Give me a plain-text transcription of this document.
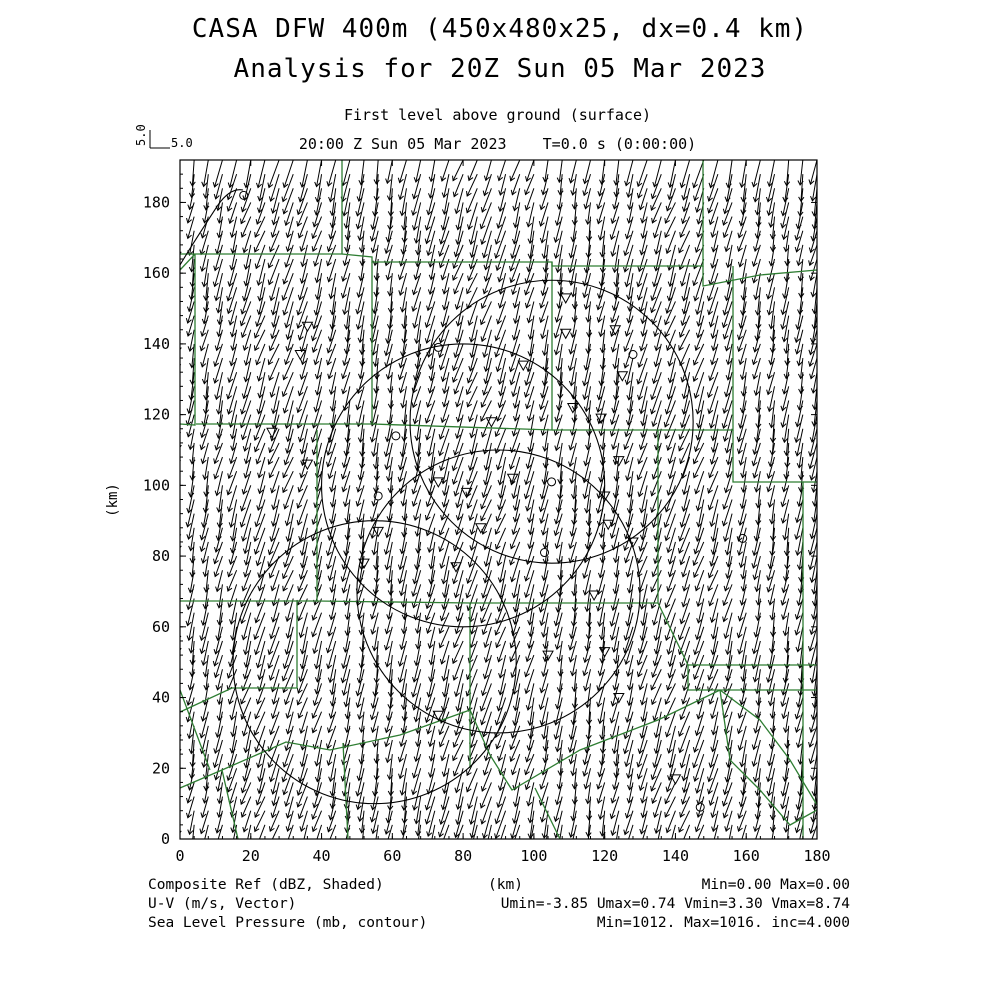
CASA DFW 400m (450x480x25, dx=0.4 km)
Analysis for 20Z Sun 05 Mar 2023
First level above ground (surface)
20:00 Z Sun 05 Mar 2023    T=0.0 s (0:00:00)
0	20	40	60	80	100	120	140	160	180
0
20
40
60
80
100
120
140
160
180
(km)
5.0 5.0
Composite Ref (dBZ, Shaded)	(km)	Min=0.00 Max=0.00
U-V (m/s, Vector)	Umin=-3.85 Umax=0.74 Vmin=3.30 Vmax=8.74
Sea Level Pressure (mb, contour)	Min=1012. Max=1016. inc=4.000
